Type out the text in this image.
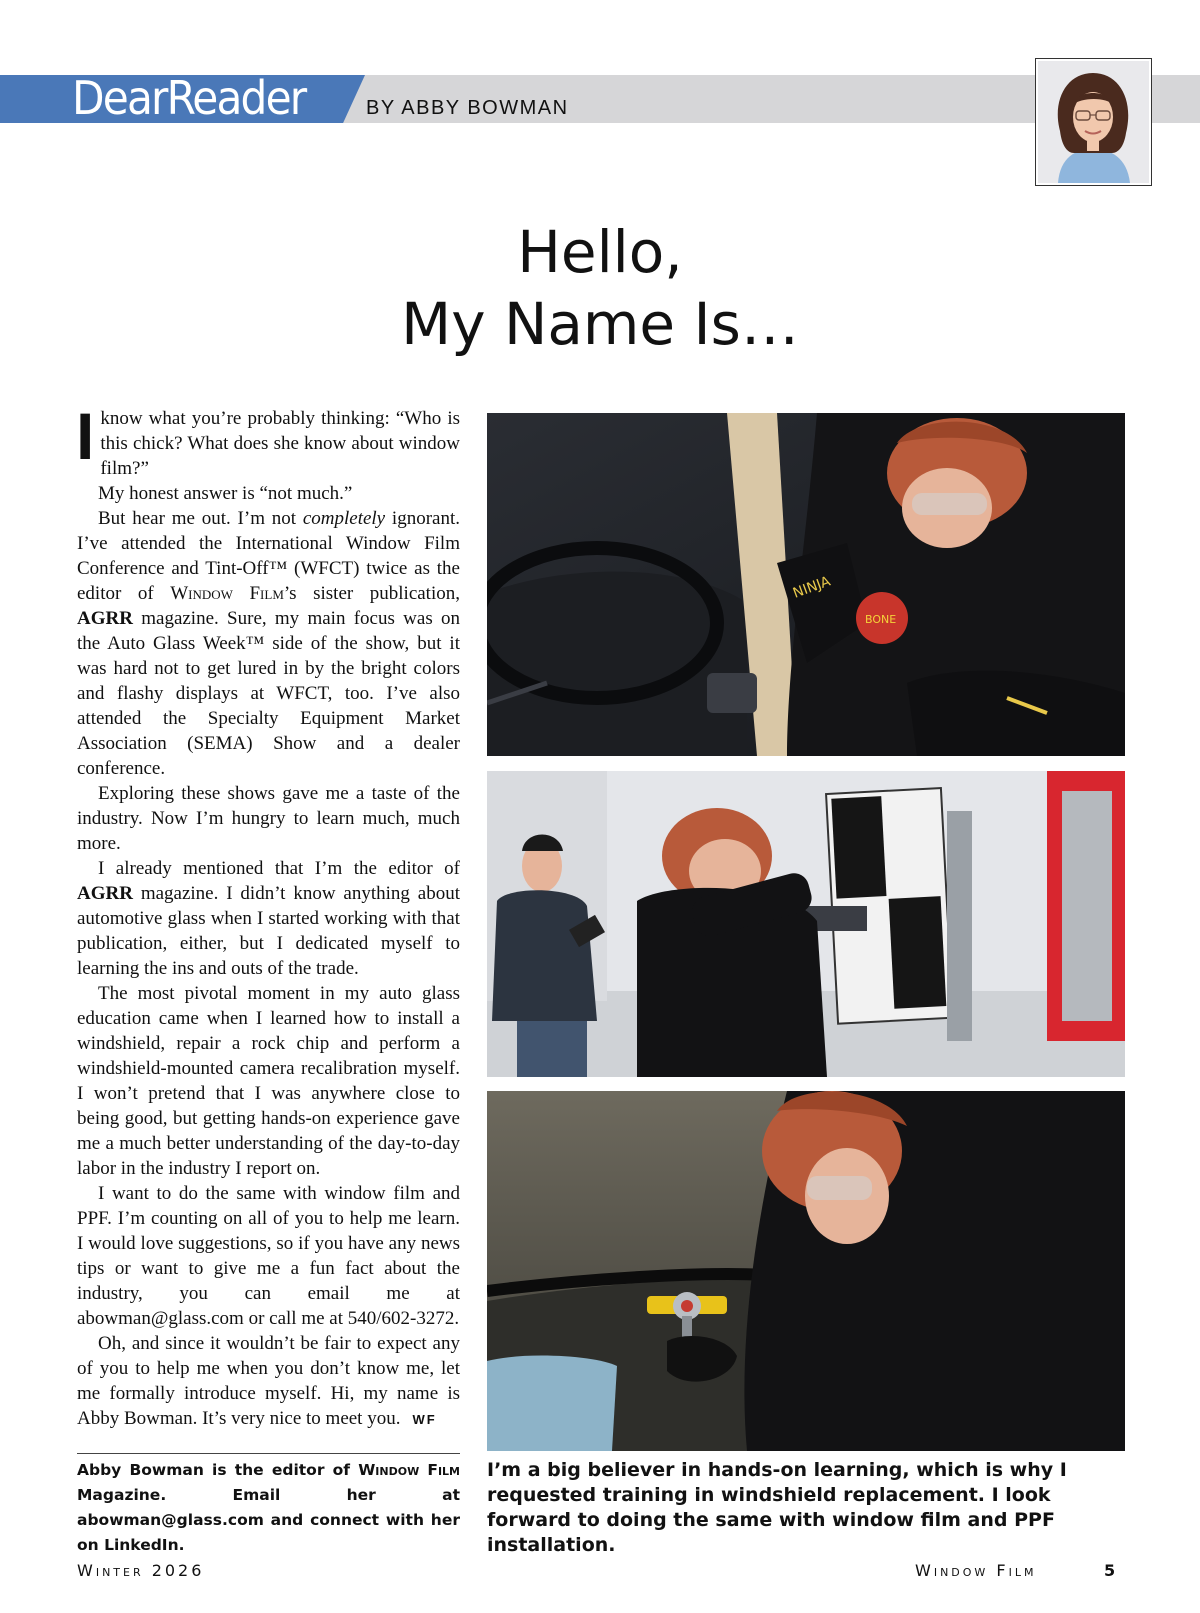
DearReader	BY ABBY BOWMAN
Hello,
My Name Is…

Iknow what you’re probably thinking: “Who is this chick? What does she know about window film?”

My honest answer is “not much.”

But hear me out. I’m not completely ignorant. I’ve attended the International Window Film Conference and Tint-Off™ (WFCT) twice as the editor of Window Film’s sister publication, AGRR magazine. Sure, my main focus was on the Auto Glass Week™ side of the show, but it was hard not to get lured in by the bright colors and flashy displays at WFCT, too. I’ve also attended the Specialty Equipment Market Association (SEMA) Show and a dealer conference.

Exploring these shows gave me a taste of the industry. Now I’m hungry to learn much, much more.

I already mentioned that I’m the editor of AGRR magazine. I didn’t know anything about automotive glass when I started working with that publication, either, but I dedicated myself to learning the ins and outs of the trade.

The most pivotal moment in my auto glass education came when I learned how to install a windshield, repair a rock chip and perform a windshield-mounted camera recalibration myself. I won’t pretend that I was anywhere close to being good, but getting hands-on experience gave me a much better understanding of the day-to-day labor in the industry I report on.

I want to do the same with window film and PPF. I’m counting on all of you to help me learn. I would love suggestions, so if you have any news tips or want to give me a fun fact about the industry, you can email me at abowman@glass.com or call me at 540/602-3272.

Oh, and since it wouldn’t be fair to expect any of you to help me when you don’t know me, let me formally introduce myself. Hi, my name is Abby Bowman. It’s very nice to meet you. WF

Abby Bowman is the editor of Window Film Magazine. Email her at abowman@glass.com and connect with her on LinkedIn.
NINJA
BONE
I’m a big believer in hands-on learning, which is why I requested training in windshield replacement. I look forward to doing the same with window film and PPF installation.
Winter 2026	Window Film	5
